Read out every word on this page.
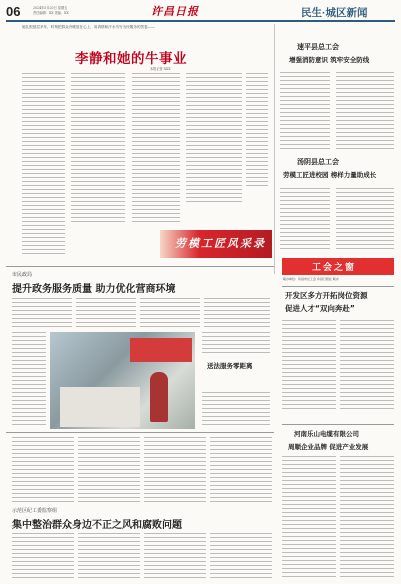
06	2024年5月20日 星期五
责任编辑：XX 美编：XX	许昌日报	民生·城区新闻
她扎根基层多年，时刻把群众冷暖放在心上，用真情和汗水书写为民服务的答卷——
李静和她的牛事业
本报记者 XXX
劳模工匠风采录
速平县总工会
增强消防意识 筑牢安全防线
汤阴县总工会
劳模工匠进校园 榜样力量助成长
工会之窗
联办单位：许昌市总工会 许昌日报社 联办
市民政局
提升政务服务质量 助力优化营商环境
送法服务零距离
开发区多方开拓岗位资源
促进人才“双向奔赴”
河南乐山电缆有限公司
周顺企业品牌 促进产业发展
示范区纪工委监察组
集中整治群众身边不正之风和腐败问题
